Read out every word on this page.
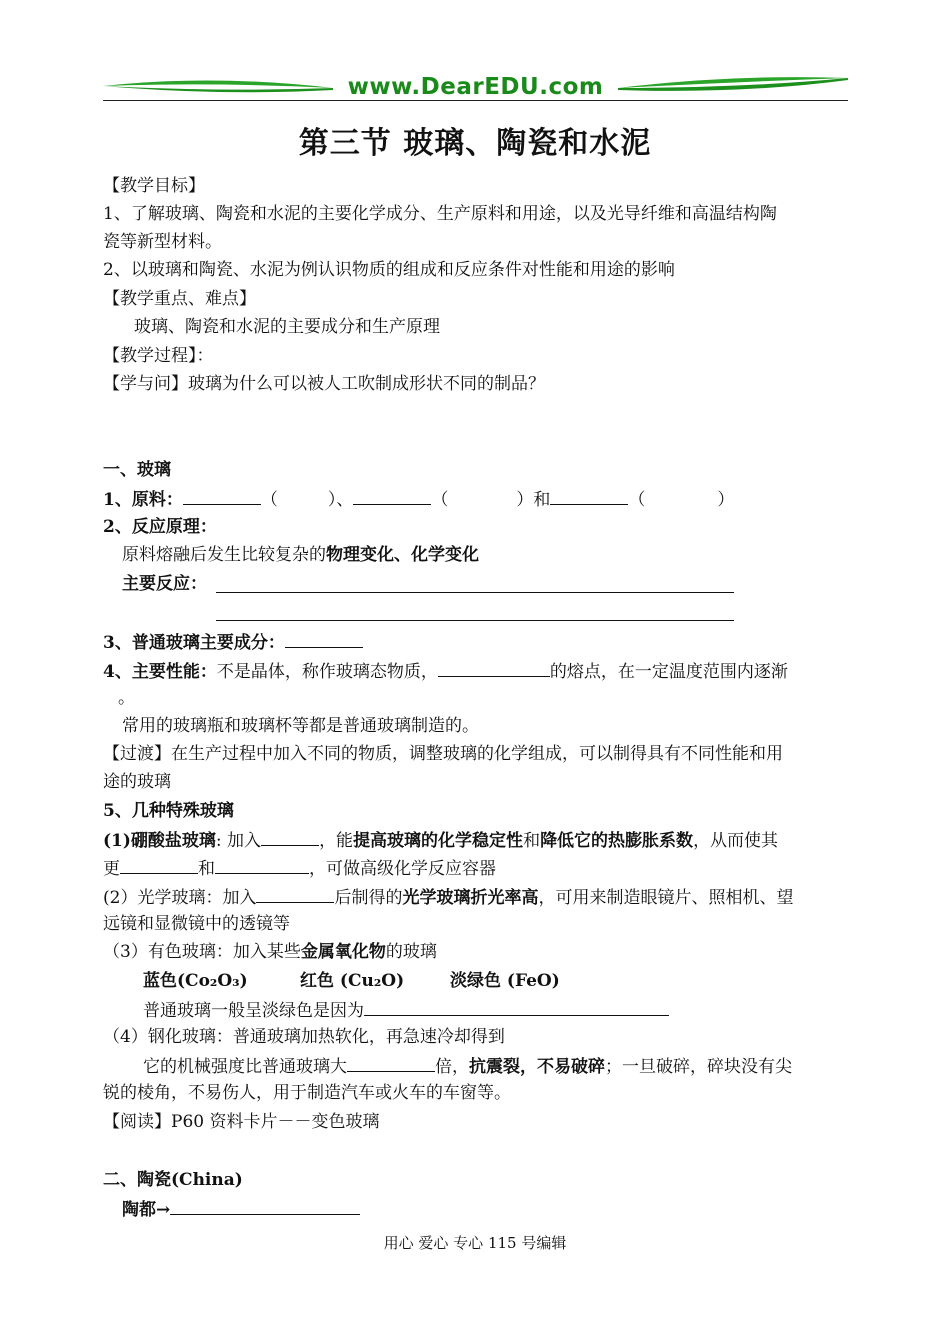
www.DearEDU.com
第三节 玻璃、陶瓷和水泥
【教学目标】
1、了解玻璃、陶瓷和水泥的主要化学成分、生产原料和用途，以及光导纤维和高温结构陶
瓷等新型材料。
2、以玻璃和陶瓷、水泥为例认识物质的组成和反应条件对性能和用途的影响
【教学重点、难点】
玻璃、陶瓷和水泥的主要成分和生产原理
【教学过程】：
【学与问】玻璃为什么可以被人工吹制成形状不同的制品？
一、玻璃
1、原料：	（	）、	（	）和	（	）
2、反应原理：
原料熔融后发生比较复杂的物理变化、化学变化
主要反应：
3、普通玻璃主要成分：
4、主要性能：不是晶体，称作玻璃态物质，	的熔点，在一定温度范围内逐渐
。
常用的玻璃瓶和玻璃杯等都是普通玻璃制造的。
【过渡】在生产过程中加入不同的物质，调整玻璃的化学组成，可以制得具有不同性能和用
途的玻璃
5、几种特殊玻璃
(1)硼酸盐玻璃: 加入	，能提高玻璃的化学稳定性和降低它的热膨胀系数，从而使其
更	和	，可做高级化学反应容器
(2）光学玻璃：加入	后制得的光学玻璃折光率高，可用来制造眼镜片、照相机、望
远镜和显微镜中的透镜等
（3）有色玻璃：加入某些金属氧化物的玻璃
蓝色(Co₂O₃)	红色 (Cu₂O)	淡绿色 (FeO)
普通玻璃一般呈淡绿色是因为
（4）钢化玻璃：普通玻璃加热软化，再急速冷却得到
它的机械强度比普通玻璃大	倍，抗震裂，不易破碎；一旦破碎，碎块没有尖
锐的棱角，不易伤人，用于制造汽车或火车的车窗等。
【阅读】P60 资料卡片－－变色玻璃
二、陶瓷(China)
陶都→
用心 爱心 专心 115 号编辑
